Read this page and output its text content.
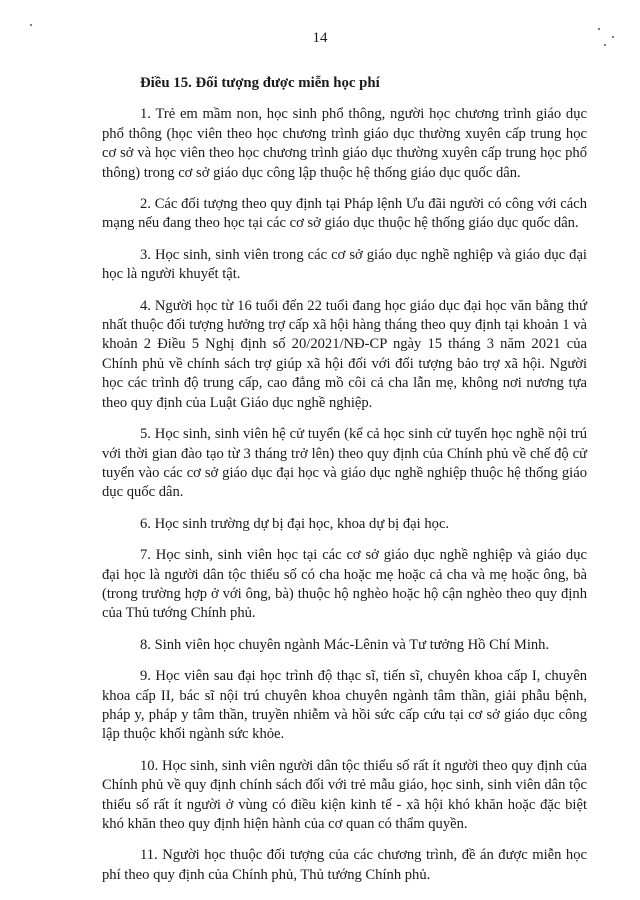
14
Điều 15. Đối tượng được miễn học phí

1. Trẻ em mầm non, học sinh phổ thông, người học chương trình giáo dục phổ thông (học viên theo học chương trình giáo dục thường xuyên cấp trung học cơ sở và học viên theo học chương trình giáo dục thường xuyên cấp trung học phổ thông) trong cơ sở giáo dục công lập thuộc hệ thống giáo dục quốc dân.

2. Các đối tượng theo quy định tại Pháp lệnh Ưu đãi người có công với cách mạng nếu đang theo học tại các cơ sở giáo dục thuộc hệ thống giáo dục quốc dân.

3. Học sinh, sinh viên trong các cơ sở giáo dục nghề nghiệp và giáo dục đại học là người khuyết tật.

4. Người học từ 16 tuổi đến 22 tuổi đang học giáo dục đại học văn bằng thứ nhất thuộc đối tượng hưởng trợ cấp xã hội hàng tháng theo quy định tại khoản 1 và khoản 2 Điều 5 Nghị định số 20/2021/NĐ-CP ngày 15 tháng 3 năm 2021 của Chính phủ về chính sách trợ giúp xã hội đối với đối tượng bảo trợ xã hội. Người học các trình độ trung cấp, cao đẳng mồ côi cả cha lẫn mẹ, không nơi nương tựa theo quy định của Luật Giáo dục nghề nghiệp.

5. Học sinh, sinh viên hệ cử tuyển (kể cả học sinh cử tuyển học nghề nội trú với thời gian đào tạo từ 3 tháng trở lên) theo quy định của Chính phủ về chế độ cử tuyển vào các cơ sở giáo dục đại học và giáo dục nghề nghiệp thuộc hệ thống giáo dục quốc dân.

6. Học sinh trường dự bị đại học, khoa dự bị đại học.

7. Học sinh, sinh viên học tại các cơ sở giáo dục nghề nghiệp và giáo dục đại học là người dân tộc thiểu số có cha hoặc mẹ hoặc cả cha và mẹ hoặc ông, bà (trong trường hợp ở với ông, bà) thuộc hộ nghèo hoặc hộ cận nghèo theo quy định của Thủ tướng Chính phủ.

8. Sinh viên học chuyên ngành Mác-Lênin và Tư tưởng Hồ Chí Minh.

9. Học viên sau đại học trình độ thạc sĩ, tiến sĩ, chuyên khoa cấp I, chuyên khoa cấp II, bác sĩ nội trú chuyên khoa chuyên ngành tâm thần, giải phẫu bệnh, pháp y, pháp y tâm thần, truyền nhiễm và hồi sức cấp cứu tại cơ sở giáo dục công lập thuộc khối ngành sức khỏe.

10. Học sinh, sinh viên người dân tộc thiểu số rất ít người theo quy định của Chính phủ về quy định chính sách đối với trẻ mẫu giáo, học sinh, sinh viên dân tộc thiểu số rất ít người ở vùng có điều kiện kinh tế - xã hội khó khăn hoặc đặc biệt khó khăn theo quy định hiện hành của cơ quan có thẩm quyền.

11. Người học thuộc đối tượng của các chương trình, đề án được miễn học phí theo quy định của Chính phủ, Thủ tướng Chính phủ.
